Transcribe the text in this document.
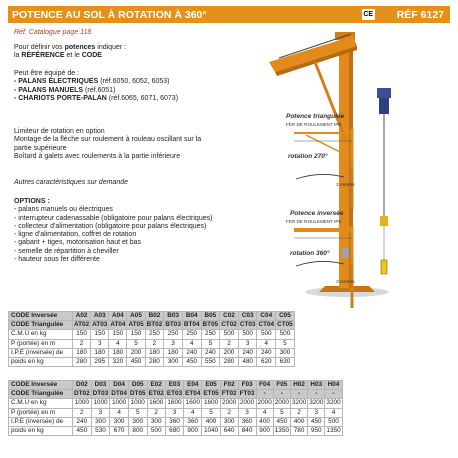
POTENCE AU SOL À ROTATION À 360°	CE RÉF 6127
Réf. Catalogue page 118
Pour définir vos potences indiquer :
la RÉFÉRENCE et le CODE
Peut être équipé de :
- PALANS ÉLECTRIQUES (réf.6050, 6052, 6053)
- PALANS MANUELS (réf.6051)
- CHARIOTS PORTE-PALAN (réf.6065, 6071, 6073)
Limiteur de rotation en option
Montage de la flèche sur roulement à rouleau oscillant sur la
partie supérieure
Boîtard à galets avec roulements à la partie inférieure
Autres caractéristiques sur demande
OPTIONS :
- palans manuels ou électriques
- interrupteur cadenassable (obligatoire pour palans électriques)
- collecteur d'alimentation (obligatoire pour palans électriques)
- ligne d'alimentation, coffret de rotation
- gabarit + tiges, motorisation haut et bas
- semelle de répartition à cheviller
- hauteur sous fer différente
Potence triangulée
FER DE ROULEMENT IPE
rotation 270°
3 mètres
Potence inversée
FER DE ROULEMENT IPE
rotation 360°
3 mètres
CODE Inversée	A02	A03	A04	A05	B02	B03	B04	B05	C02	C03	C04	C05
CODE Triangulée	AT02	AT03	AT04	AT05	BT02	BT03	BT04	BT05	CT02	CT03	CT04	CT05
C.M.U en kg	150	150	150	150	250	250	250	250	500	500	500	500
P (portée) en m	2	3	4	5	2	3	4	5	2	3	4	5
I.P.E (inversée) de	180	180	180	200	180	180	240	240	200	240	240	300
poids en kg	280	295	320	450	280	300	450	550	280	480	620	630
CODE Inversée	D02	D03	D04	D05	E02	E03	E04	E05	F02	F03	F04	F05	H02	H03	H04
CODE Triangulée	DT02	DT03	DT04	DT05	ET02	ET03	ET04	ET05	FT02	FT03	-	-	-	-	-
C.M.U en kg	1000	1000	1000	1000	1600	1600	1600	1600	2000	2000	2000	2000	3200	3200	3200
P (portée) en m	2	3	4	5	2	3	4	5	2	3	4	5	2	3	4
I.P.E (inversée) de	240	300	300	300	300	360	360	400	300	360	400	450	400	450	500
poids en kg	450	530	670	800	500	680	900	1040	640	840	900	1350	780	950	1350
